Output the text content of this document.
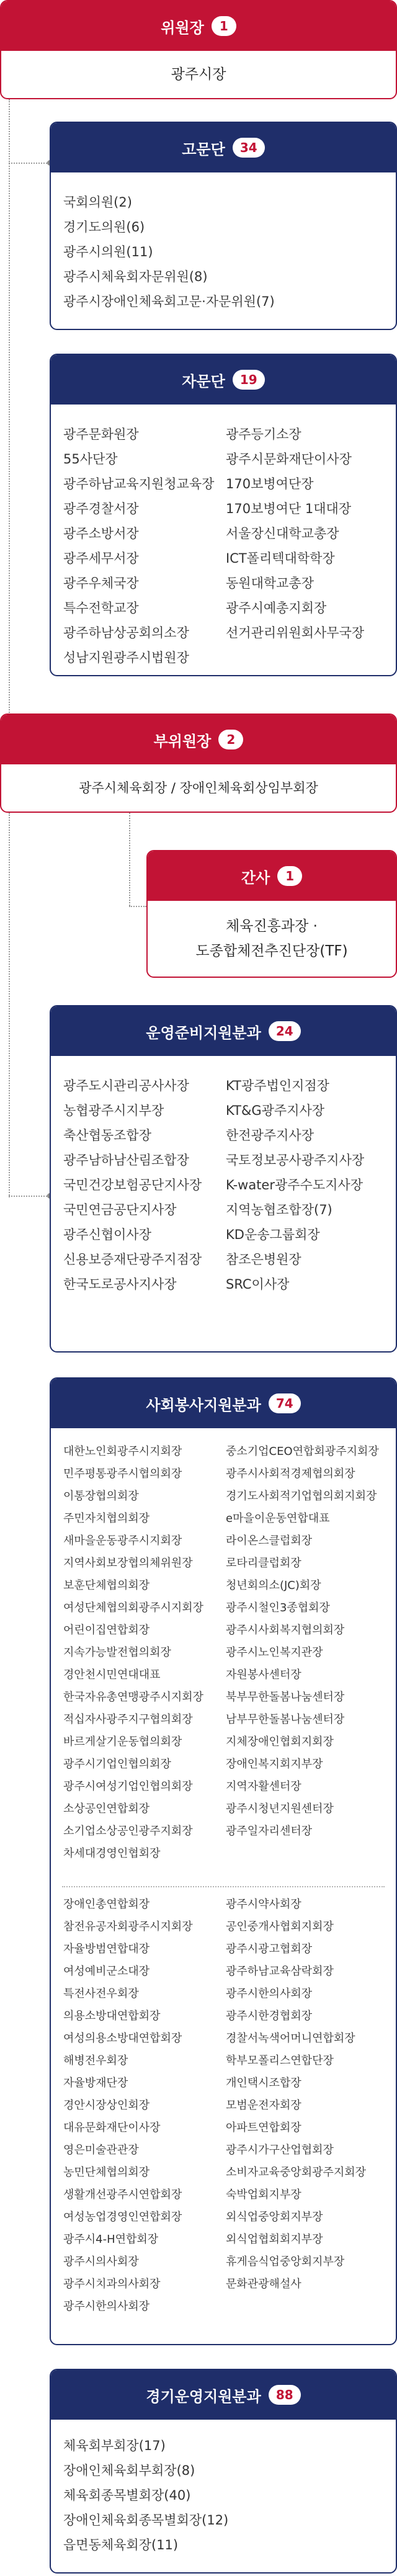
위원장	1
광주시장
고문단	34
국회의원(2)
경기도의원(6)
광주시의원(11)
광주시체육회자문위원(8)
광주시장애인체육회고문·자문위원(7)
자문단	19
광주문화원장	광주등기소장
55사단장	광주시문화재단이사장
광주하남교육지원청교육장 170보병여단장
광주경찰서장	170보병여단 1대대장
광주소방서장	서울장신대학교총장
광주세무서장	ICT폴리텍대학학장
광주우체국장	동원대학교총장
특수전학교장	광주시예총지회장
광주하남상공회의소장	선거관리위원회사무국장
성남지원광주시법원장
부위원장	2
광주시체육회장 / 장애인체육회상임부회장
간사	1
체육진흥과장 ·
도종합체전추진단장(TF)
운영준비지원분과	24
광주도시관리공사사장	KT광주법인지점장
농협광주시지부장	KT&G광주지사장
축산협동조합장	한전광주지사장
광주남하남산림조합장	국토정보공사광주지사장
국민건강보험공단지사장	K-water광주수도지사장
국민연금공단지사장	지역농협조합장(7)
광주신협이사장	KD운송그룹회장
신용보증재단광주지점장	참조은병원장
한국도로공사지사장	SRC이사장
사회봉사지원분과	74
대한노인회광주시지회장	중소기업CEO연합회광주지회장
민주평통광주시협의회장	광주시사회적경제협의회장
이통장협의회장	경기도사회적기업협의회지회장
주민자치협의회장	e마을이운동연합대표
새마을운동광주시지회장	라이온스클럽회장
지역사회보장협의체위원장	로타리클럽회장
보훈단체협의회장	청년회의소(JC)회장
여성단체협의회광주시지회장	광주시철인3종협회장
어린이집연합회장	광주시사회복지협의회장
지속가능발전협의회장	광주시노인복지관장
경안천시민연대대표	자원봉사센터장
한국자유총연맹광주시지회장	북부무한돌봄나눔센터장
적십자사광주지구협의회장	남부무한돌봄나눔센터장
바르게살기운동협의회장	지체장애인협회지회장
광주시기업인협의회장	장애인복지회지부장
광주시여성기업인협의회장	지역자활센터장
소상공인연합회장	광주시청년지원센터장
소기업소상공인광주지회장	광주일자리센터장
차세대경영인협회장
장애인총연합회장	광주시약사회장
참전유공자회광주시지회장	공인중개사협회지회장
자율방범연합대장	광주시광고협회장
여성예비군소대장	광주하남교육삼락회장
특전사전우회장	광주시한의사회장
의용소방대연합회장	광주시한경협회장
여성의용소방대연합회장	경찰서녹색어머니연합회장
해병전우회장	학부모폴리스연합단장
자율방재단장	개인택시조합장
경안시장상인회장	모범운전자회장
대유문화재단이사장	아파트연합회장
영은미술관관장	광주시가구산업협회장
농민단체협의회장	소비자교육중앙회광주지회장
생활개선광주시연합회장	숙박업회지부장
여성농업경영인연합회장	외식업중앙회지부장
광주시4-H연합회장	외식업협회회지부장
광주시의사회장	휴게음식업중앙회지부장
광주시치과의사회장	문화관광해설사
광주시한의사회장
경기운영지원분과	88
체육회부회장(17)
장애인체육회부회장(8)
체육회종목별회장(40)
장애인체육회종목별회장(12)
읍면동체육회장(11)
